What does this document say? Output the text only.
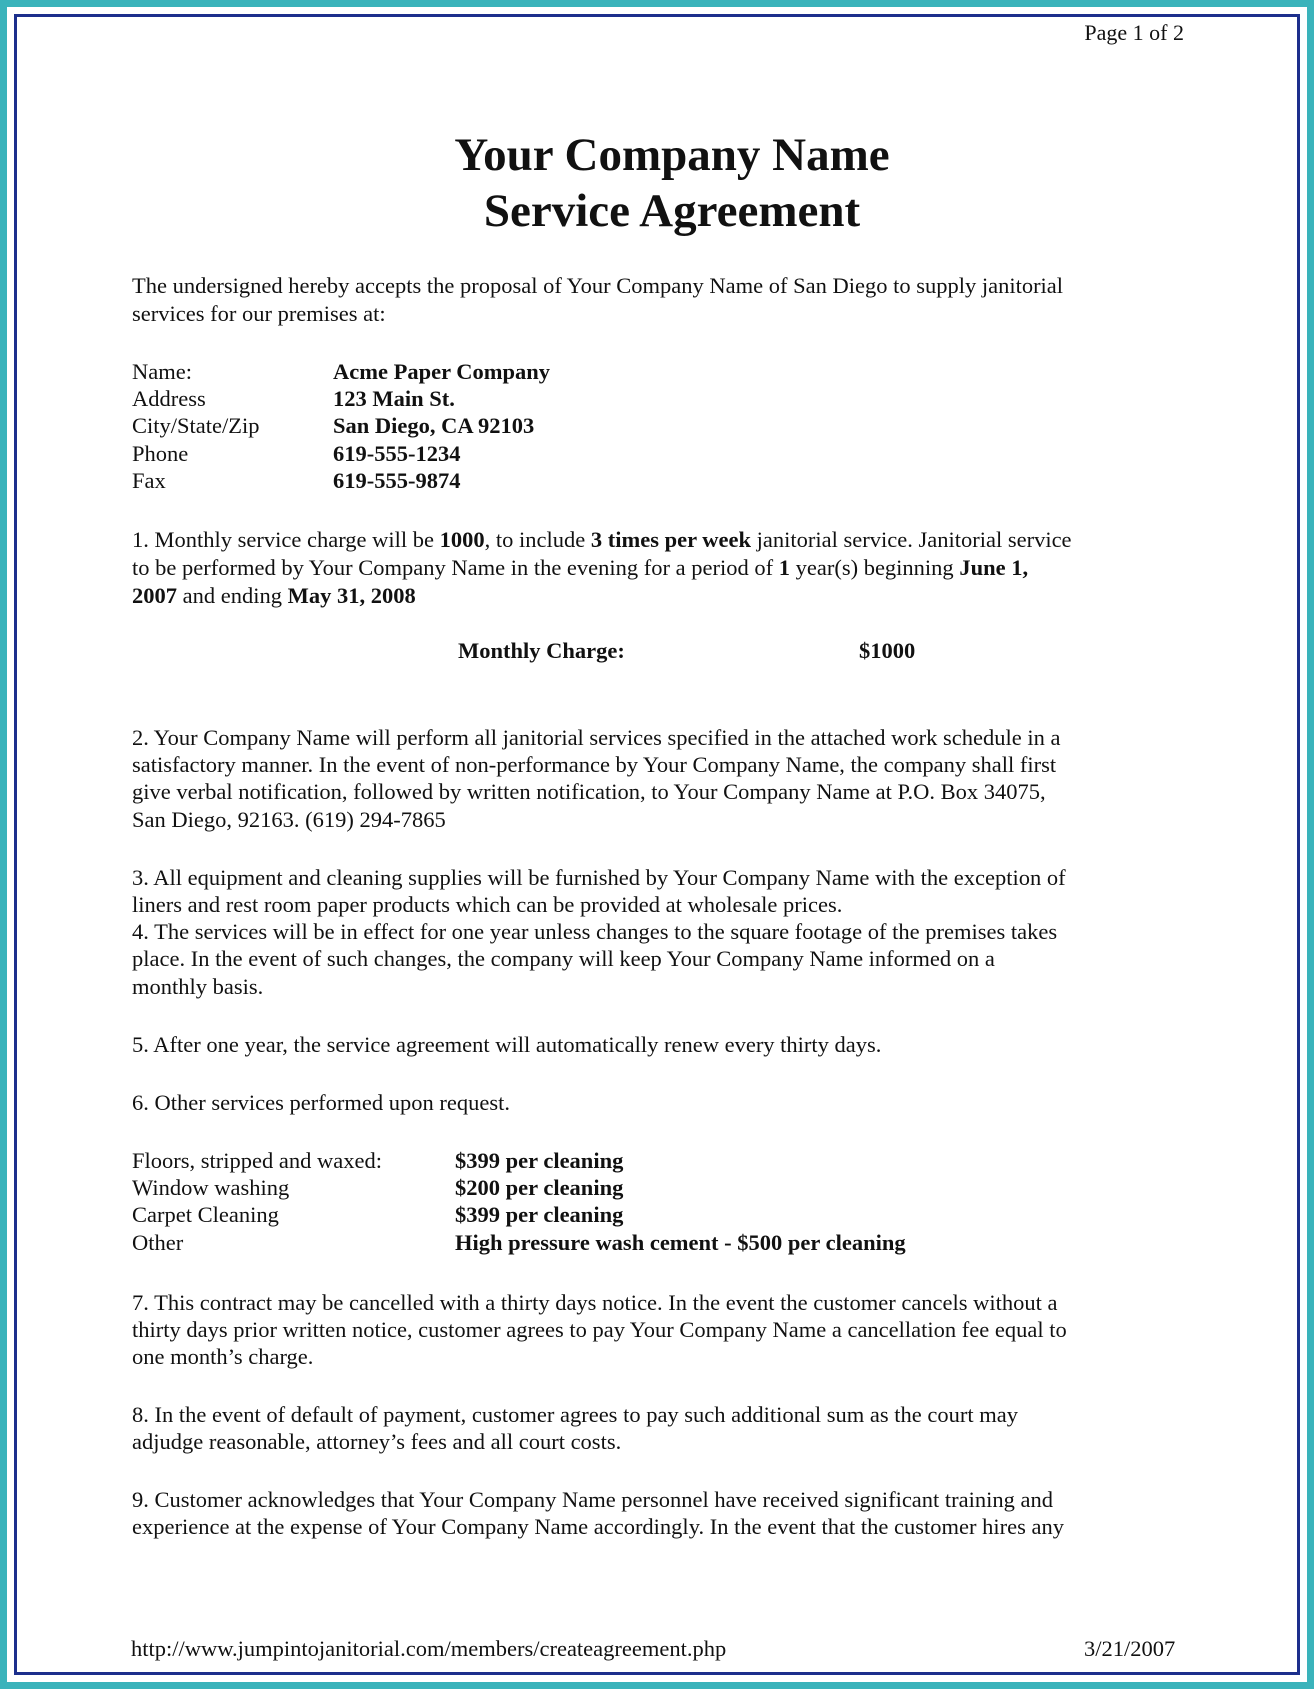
Page 1 of 2
Your Company Name
Service Agreement
The undersigned hereby accepts the proposal of Your Company Name of San Diego to supply janitorial
services for our premises at:
Name:	Acme Paper Company
Address	123 Main St.
City/State/Zip	San Diego, CA 92103
Phone	619-555-1234
Fax	619-555-9874
1. Monthly service charge will be 1000, to include 3 times per week janitorial service. Janitorial service
to be performed by Your Company Name in the evening for a period of 1 year(s) beginning June 1,
2007 and ending May 31, 2008
Monthly Charge:	$1000
2. Your Company Name will perform all janitorial services specified in the attached work schedule in a
satisfactory manner. In the event of non-performance by Your Company Name, the company shall first
give verbal notification, followed by written notification, to Your Company Name at P.O. Box 34075,
San Diego, 92163. (619) 294-7865
3. All equipment and cleaning supplies will be furnished by Your Company Name with the exception of
liners and rest room paper products which can be provided at wholesale prices.
4. The services will be in effect for one year unless changes to the square footage of the premises takes
place. In the event of such changes, the company will keep Your Company Name informed on a
monthly basis.
5. After one year, the service agreement will automatically renew every thirty days.
6. Other services performed upon request.
Floors, stripped and waxed:	$399 per cleaning
Window washing	$200 per cleaning
Carpet Cleaning	$399 per cleaning
Other	High pressure wash cement - $500 per cleaning
7. This contract may be cancelled with a thirty days notice. In the event the customer cancels without a
thirty days prior written notice, customer agrees to pay Your Company Name a cancellation fee equal to
one month’s charge.
8. In the event of default of payment, customer agrees to pay such additional sum as the court may
adjudge reasonable, attorney’s fees and all court costs.
9. Customer acknowledges that Your Company Name personnel have received significant training and
experience at the expense of Your Company Name accordingly. In the event that the customer hires any
http://www.jumpintojanitorial.com/members/createagreement.php	3/21/2007
